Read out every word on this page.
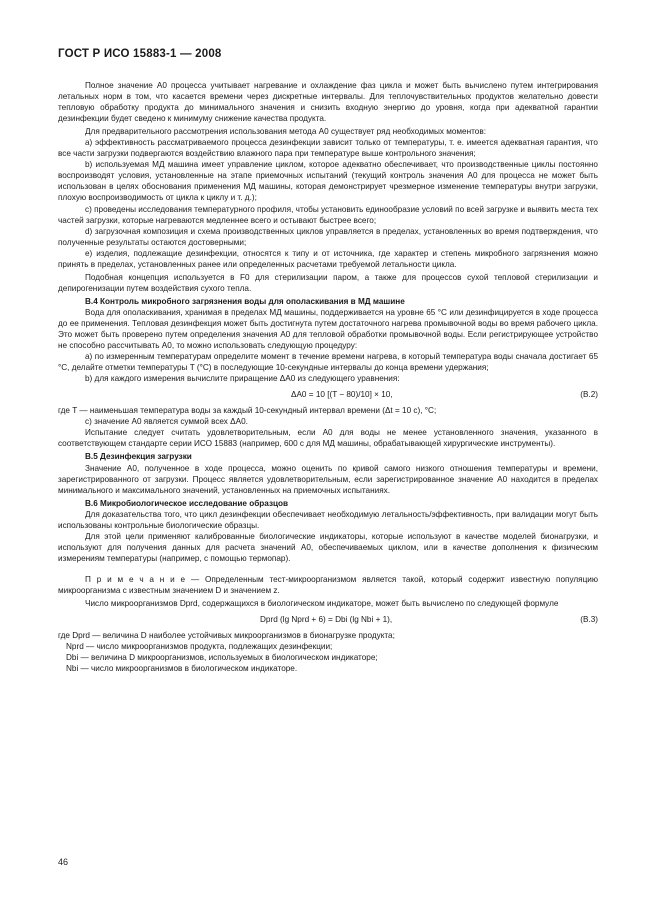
ГОСТ Р ИСО 15883-1 — 2008

Полное значение A0 процесса учитывает нагревание и охлаждение фаз цикла и может быть вычислено путем интегрирования летальных норм в том, что касается времени через дискретные интервалы. Для теплочувствительных продуктов желательно довести тепловую обработку продукта до минимального значения и снизить входную энергию до уровня, когда при адекватной гарантии дезинфекции будет сведено к минимуму снижение качества продукта.

Для предварительного рассмотрения использования метода A0 существует ряд необходимых моментов:

a) эффективность рассматриваемого процесса дезинфекции зависит только от температуры, т. е. имеется адекватная гарантия, что все части загрузки подвергаются воздействию влажного пара при температуре выше контрольного значения;

b) используемая МД машина имеет управление циклом, которое адекватно обеспечивает, что производственные циклы постоянно воспроизводят условия, установленные на этапе приемочных испытаний (текущий контроль значения A0 для процесса не может быть использован в целях обоснования применения МД машины, которая демонстрирует чрезмерное изменение температуры внутри загрузки, плохую воспроизводимость от цикла к циклу и т. д.);

c) проведены исследования температурного профиля, чтобы установить единообразие условий по всей загрузке и выявить места тех частей загрузки, которые нагреваются медленнее всего и остывают быстрее всего;

d) загрузочная композиция и схема производственных циклов управляется в пределах, установленных во время подтверждения, что полученные результаты остаются достоверными;

e) изделия, подлежащие дезинфекции, относятся к типу и от источника, где характер и степень микробного загрязнения можно принять в пределах, установленных ранее или определенных расчетами требуемой летальности цикла.

Подобная концепция используется в F0 для стерилизации паром, а также для процессов сухой тепловой стерилизации и депирогенизации путем воздействия сухого тепла.

B.4 Контроль микробного загрязнения воды для ополаскивания в МД машине

Вода для ополаскивания, хранимая в пределах МД машины, поддерживается на уровне 65 °С или дезинфицируется в ходе процесса до ее применения. Тепловая дезинфекция может быть достигнута путем достаточного нагрева промывочной воды во время рабочего цикла. Это может быть проверено путем определения значения A0 для тепловой обработки промывочной воды. Если регистрирующее устройство не способно рассчитывать A0, то можно использовать следующую процедуру:

a) по измеренным температурам определите момент в течение времени нагрева, в который температура воды сначала достигает 65 °С, делайте отметки температуры T (°С) в последующие 10-секундные интервалы до конца времени удержания;

b) для каждого измерения вычислите приращение ΔA0 из следующего уравнения:

ΔA0 = 10 [(T − 80)/10] × 10,	(B.2)

где T — наименьшая температура воды за каждый 10-секундный интервал времени (Δt = 10 с), °С;

c) значение A0 является суммой всех ΔA0.

Испытание следует считать удовлетворительным, если A0 для воды не менее установленного значения, указанного в соответствующем стандарте серии ИСО 15883 (например, 600 с для МД машины, обрабатывающей хирургические инструменты).

B.5 Дезинфекция загрузки

Значение A0, полученное в ходе процесса, можно оценить по кривой самого низкого отношения температуры и времени, зарегистрированного от загрузки. Процесс является удовлетворительным, если зарегистрированное значение A0 находится в пределах минимального и максимального значений, установленных на приемочных испытаниях.

B.6 Микробиологическое исследование образцов

Для доказательства того, что цикл дезинфекции обеспечивает необходимую летальность/эффективность, при валидации могут быть использованы контрольные биологические образцы.

Для этой цели применяют калиброванные биологические индикаторы, которые используют в качестве моделей бионагрузки, и используют для получения данных для расчета значений A0, обеспечиваемых циклом, или в качестве дополнения к физическим измерениям температуры (например, с помощью термопар).

П р и м е ч а н и е — Определенным тест-микроорганизмом является такой, который содержит известную популяцию микроорганизма с известным значением D и значением z.

Число микроорганизмов Dprd, содержащихся в биологическом индикаторе, может быть вычислено по следующей формуле

Dprd (lg Nprd + 6) = Dbi (lg Nbi + 1),	(B.3)

где Dprd — величина D наиболее устойчивых микроорганизмов в бионагрузке продукта;

Nprd — число микроорганизмов продукта, подлежащих дезинфекции;

Dbi — величина D микроорганизмов, используемых в биологическом индикаторе;

Nbi — число микроорганизмов в биологическом индикаторе.

46
